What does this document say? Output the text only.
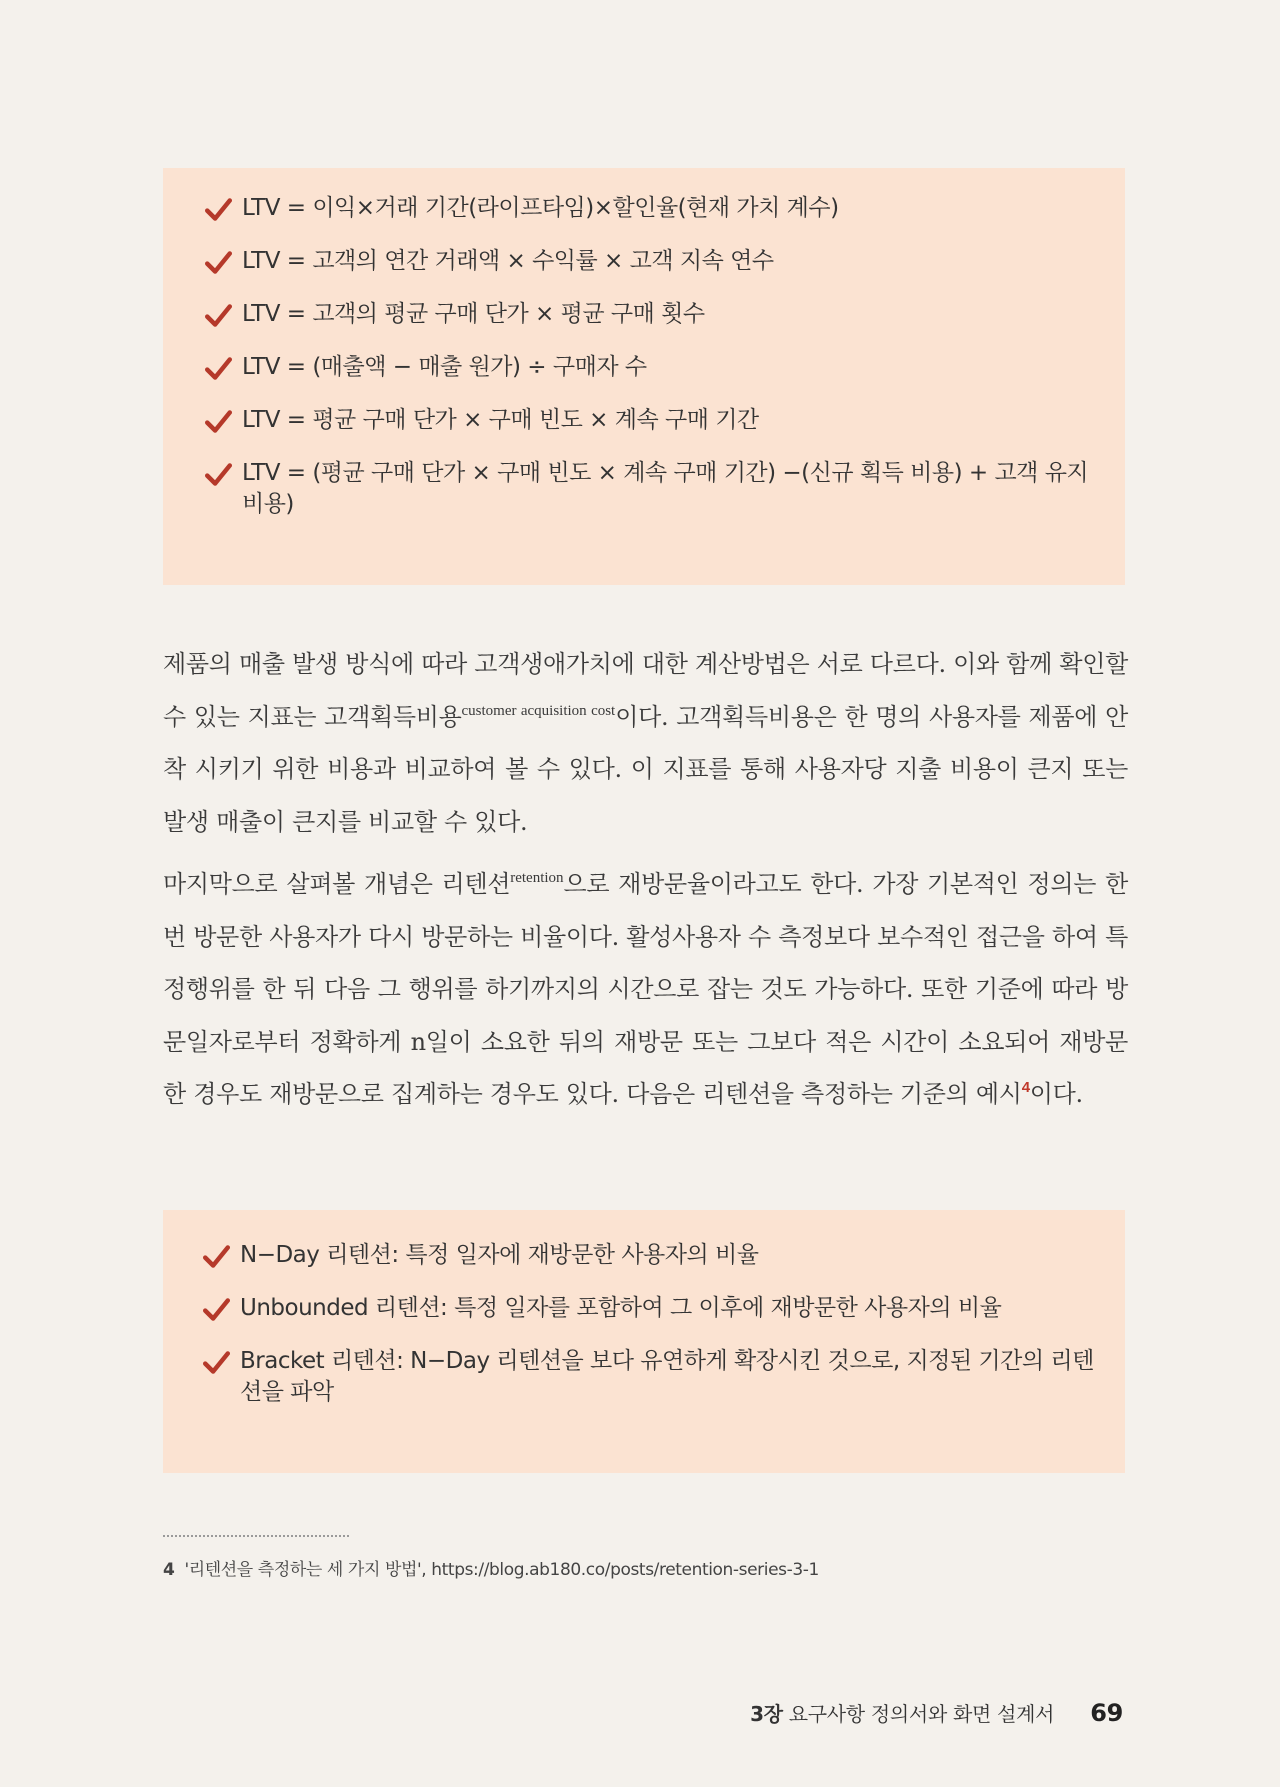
LTV = 이익×거래 기간(라이프타임)×할인율(현재 가치 계수)
LTV = 고객의 연간 거래액 × 수익률 × 고객 지속 연수
LTV = 고객의 평균 구매 단가 × 평균 구매 횟수
LTV = (매출액 − 매출 원가) ÷ 구매자 수
LTV = 평균 구매 단가 × 구매 빈도 × 계속 구매 기간
LTV = (평균 구매 단가 × 구매 빈도 × 계속 구매 기간) −(신규 획득 비용) + 고객 유지 비용)

제품의 매출 발생 방식에 따라 고객생애가치에 대한 계산방법은 서로 다르다. 이와 함께 확인할 수 있는 지표는 고객획득비용$^{customer acquisition cost}$이다. 고객획득비용은 한 명의 사용자를 제품에 안착 시키기 위한 비용과 비교하여 볼 수 있다. 이 지표를 통해 사용자당 지출 비용이 큰지 또는 발생 매출이 큰지를 비교할 수 있다.

마지막으로 살펴볼 개념은 리텐션$^{retention}$으로 재방문율이라고도 한다. 가장 기본적인 정의는 한 번 방문한 사용자가 다시 방문하는 비율이다. 활성사용자 수 측정보다 보수적인 접근을 하여 특정행위를 한 뒤 다음 그 행위를 하기까지의 시간으로 잡는 것도 가능하다. 또한 기준에 따라 방문일자로부터 정확하게 n일이 소요한 뒤의 재방문 또는 그보다 적은 시간이 소요되어 재방문한 경우도 재방문으로 집계하는 경우도 있다. 다음은 리텐션을 측정하는 기준의 예시$^4$이다.

N−Day 리텐션: 특정 일자에 재방문한 사용자의 비율
Unbounded 리텐션: 특정 일자를 포함하여 그 이후에 재방문한 사용자의 비율
Bracket 리텐션: N−Day 리텐션을 보다 유연하게 확장시킨 것으로, 지정된 기간의 리텐션을 파악
4 '리텐션을 측정하는 세 가지 방법', https://blog.ab180.co/posts/retention-series-3-1
3장 요구사항 정의서와 화면 설계서 69
